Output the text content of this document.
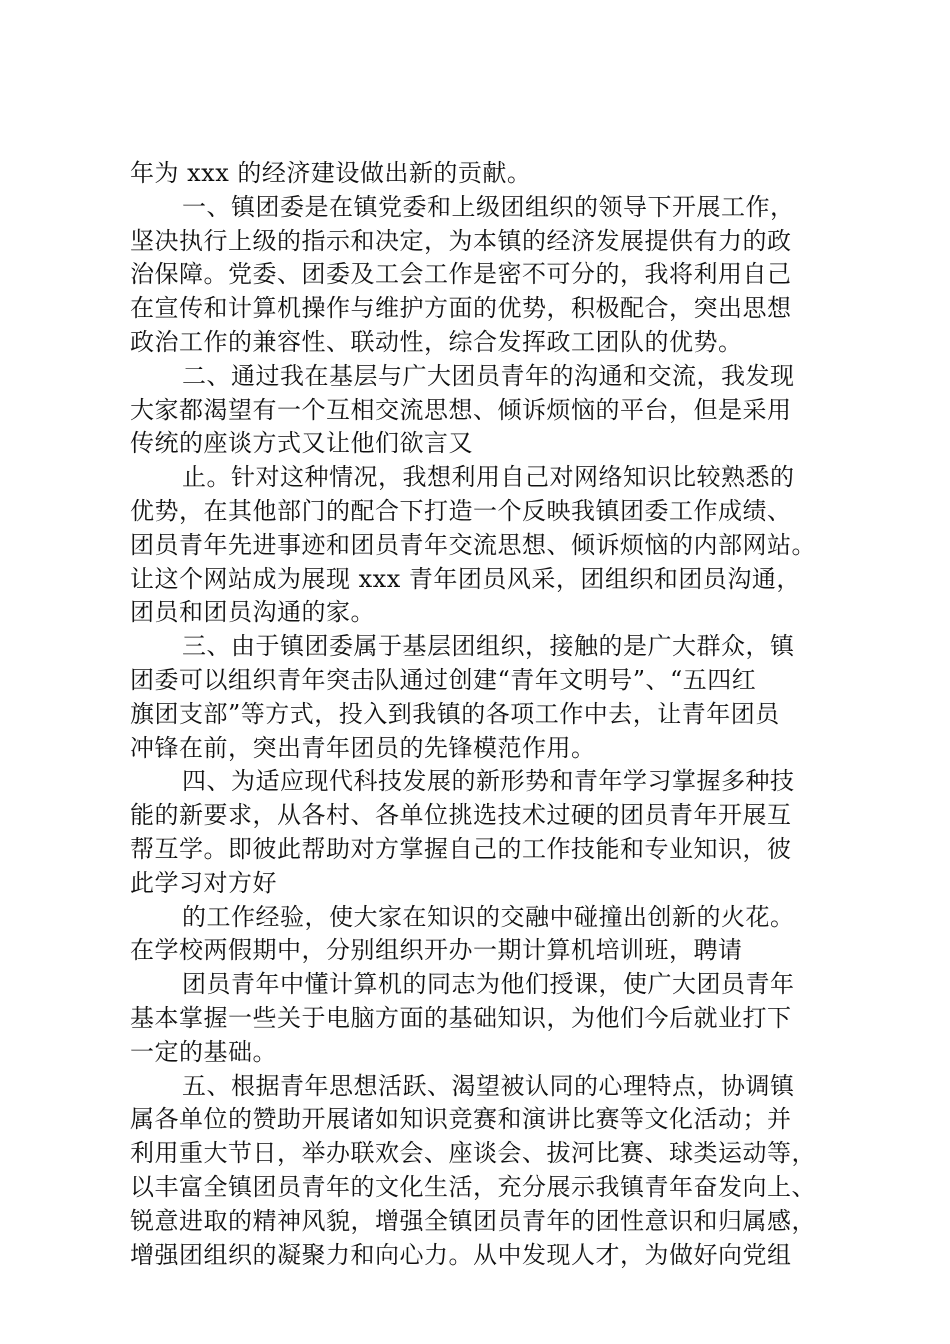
年为 xxx 的经济建设做出新的贡献。
一、镇团委是在镇党委和上级团组织的领导下开展工作，
坚决执行上级的指示和决定，为本镇的经济发展提供有力的政
治保障。党委、团委及工会工作是密不可分的，我将利用自己
在宣传和计算机操作与维护方面的优势，积极配合，突出思想
政治工作的兼容性、联动性，综合发挥政工团队的优势。
二、通过我在基层与广大团员青年的沟通和交流，我发现
大家都渴望有一个互相交流思想、倾诉烦恼的平台，但是采用
传统的座谈方式又让他们欲言又
止。针对这种情况，我想利用自己对网络知识比较熟悉的
优势，在其他部门的配合下打造一个反映我镇团委工作成绩、
团员青年先进事迹和团员青年交流思想、倾诉烦恼的内部网站。
让这个网站成为展现 xxx 青年团员风采，团组织和团员沟通，
团员和团员沟通的家。
三、由于镇团委属于基层团组织，接触的是广大群众，镇
团委可以组织青年突击队通过创建“青年文明号”、“五四红
旗团支部”等方式，投入到我镇的各项工作中去，让青年团员
冲锋在前，突出青年团员的先锋模范作用。
四、为适应现代科技发展的新形势和青年学习掌握多种技
能的新要求，从各村、各单位挑选技术过硬的团员青年开展互
帮互学。即彼此帮助对方掌握自己的工作技能和专业知识，彼
此学习对方好
的工作经验，使大家在知识的交融中碰撞出创新的火花。
在学校两假期中，分别组织开办一期计算机培训班，聘请
团员青年中懂计算机的同志为他们授课，使广大团员青年
基本掌握一些关于电脑方面的基础知识，为他们今后就业打下
一定的基础。
五、根据青年思想活跃、渴望被认同的心理特点，协调镇
属各单位的赞助开展诸如知识竞赛和演讲比赛等文化活动；并
利用重大节日，举办联欢会、座谈会、拔河比赛、球类运动等，
以丰富全镇团员青年的文化生活，充分展示我镇青年奋发向上、
锐意进取的精神风貌，增强全镇团员青年的团性意识和归属感，
增强团组织的凝聚力和向心力。从中发现人才，为做好向党组
